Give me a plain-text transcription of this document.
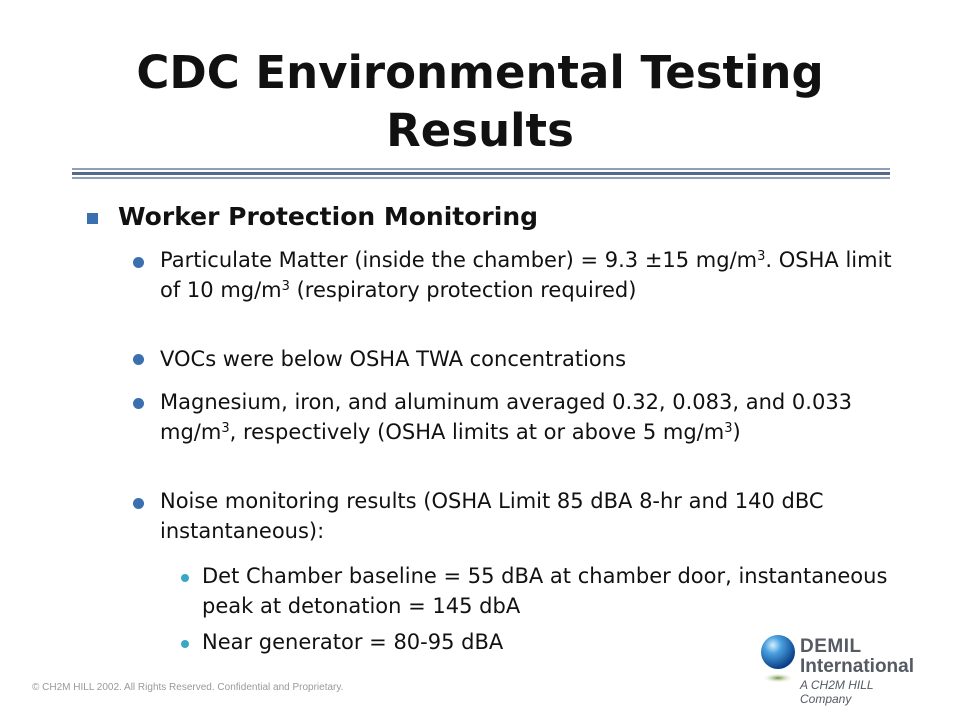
CDC Environmental Testing Results
Worker Protection Monitoring
Particulate Matter (inside the chamber) = 9.3 ±15 $mg/m^3$. OSHA limit of 10 $mg/m^3$ (respiratory protection required)
VOCs were below OSHA TWA concentrations
Magnesium, iron, and aluminum averaged 0.32, 0.083, and 0.033 $mg/m^3$, respectively (OSHA limits at or above 5 $mg/m^3$)
Noise monitoring results (OSHA Limit 85 dBA 8-hr and 140 dBC instantaneous):
Det Chamber baseline = 55 dBA at chamber door, instantaneous peak at detonation = 145 dbA
Near generator = 80-95 dBA
© CH2M HILL 2002. All Rights Reserved. Confidential and Proprietary.
DEMIL
International
A CH2M HILL Company
